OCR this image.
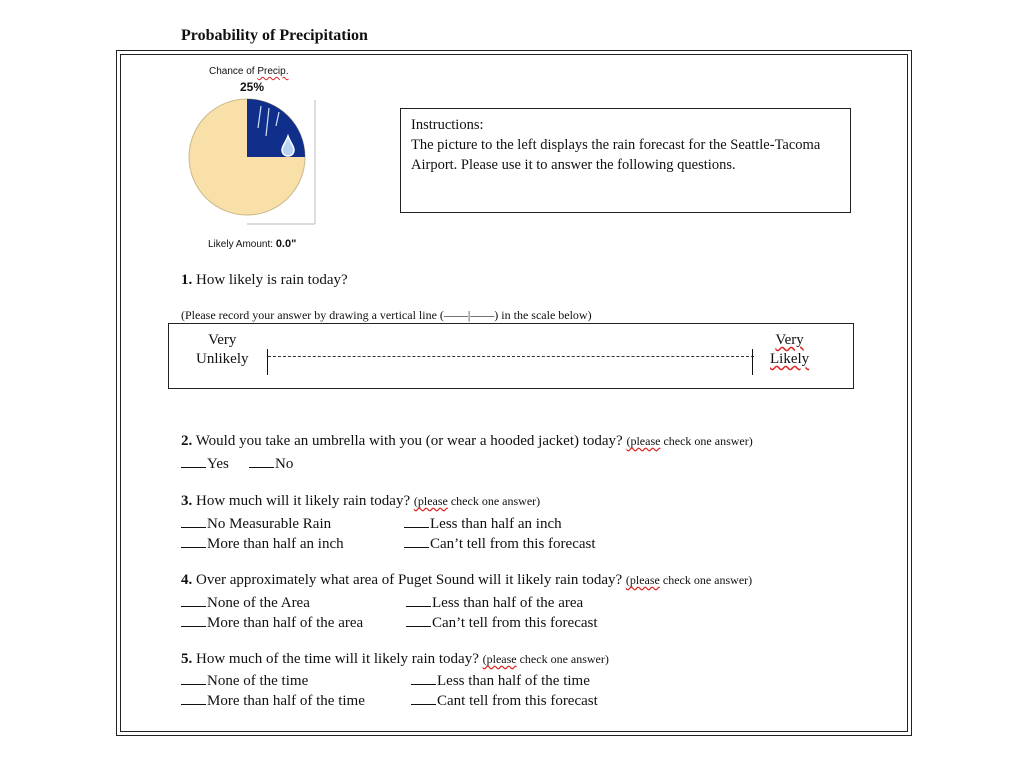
Probability of Precipitation
Chance of Precip.
25%
Likely Amount: 0.0"
Instructions:
The picture to the left displays the rain forecast for the Seattle-Tacoma Airport. Please use it to answer the following questions.
1. How likely is rain today?
(Please record your answer by drawing a vertical line (——|——) in the scale below)
Very
Unlikely
Very
Likely
2. Would you take an umbrella with you (or wear a hooded jacket) today? (please check one answer)
Yes	No
3. How much will it likely rain today? (please check one answer)
No Measurable Rain	Less than half an inch
More than half an inch	Can’t tell from this forecast
4. Over approximately what area of Puget Sound will it likely rain today? (please check one answer)
None of the Area	Less than half of the area
More than half of the area	Can’t tell from this forecast
5. How much of the time will it likely rain today? (please check one answer)
None of the time	Less than half of the time
More than half of the time	Cant tell from this forecast
